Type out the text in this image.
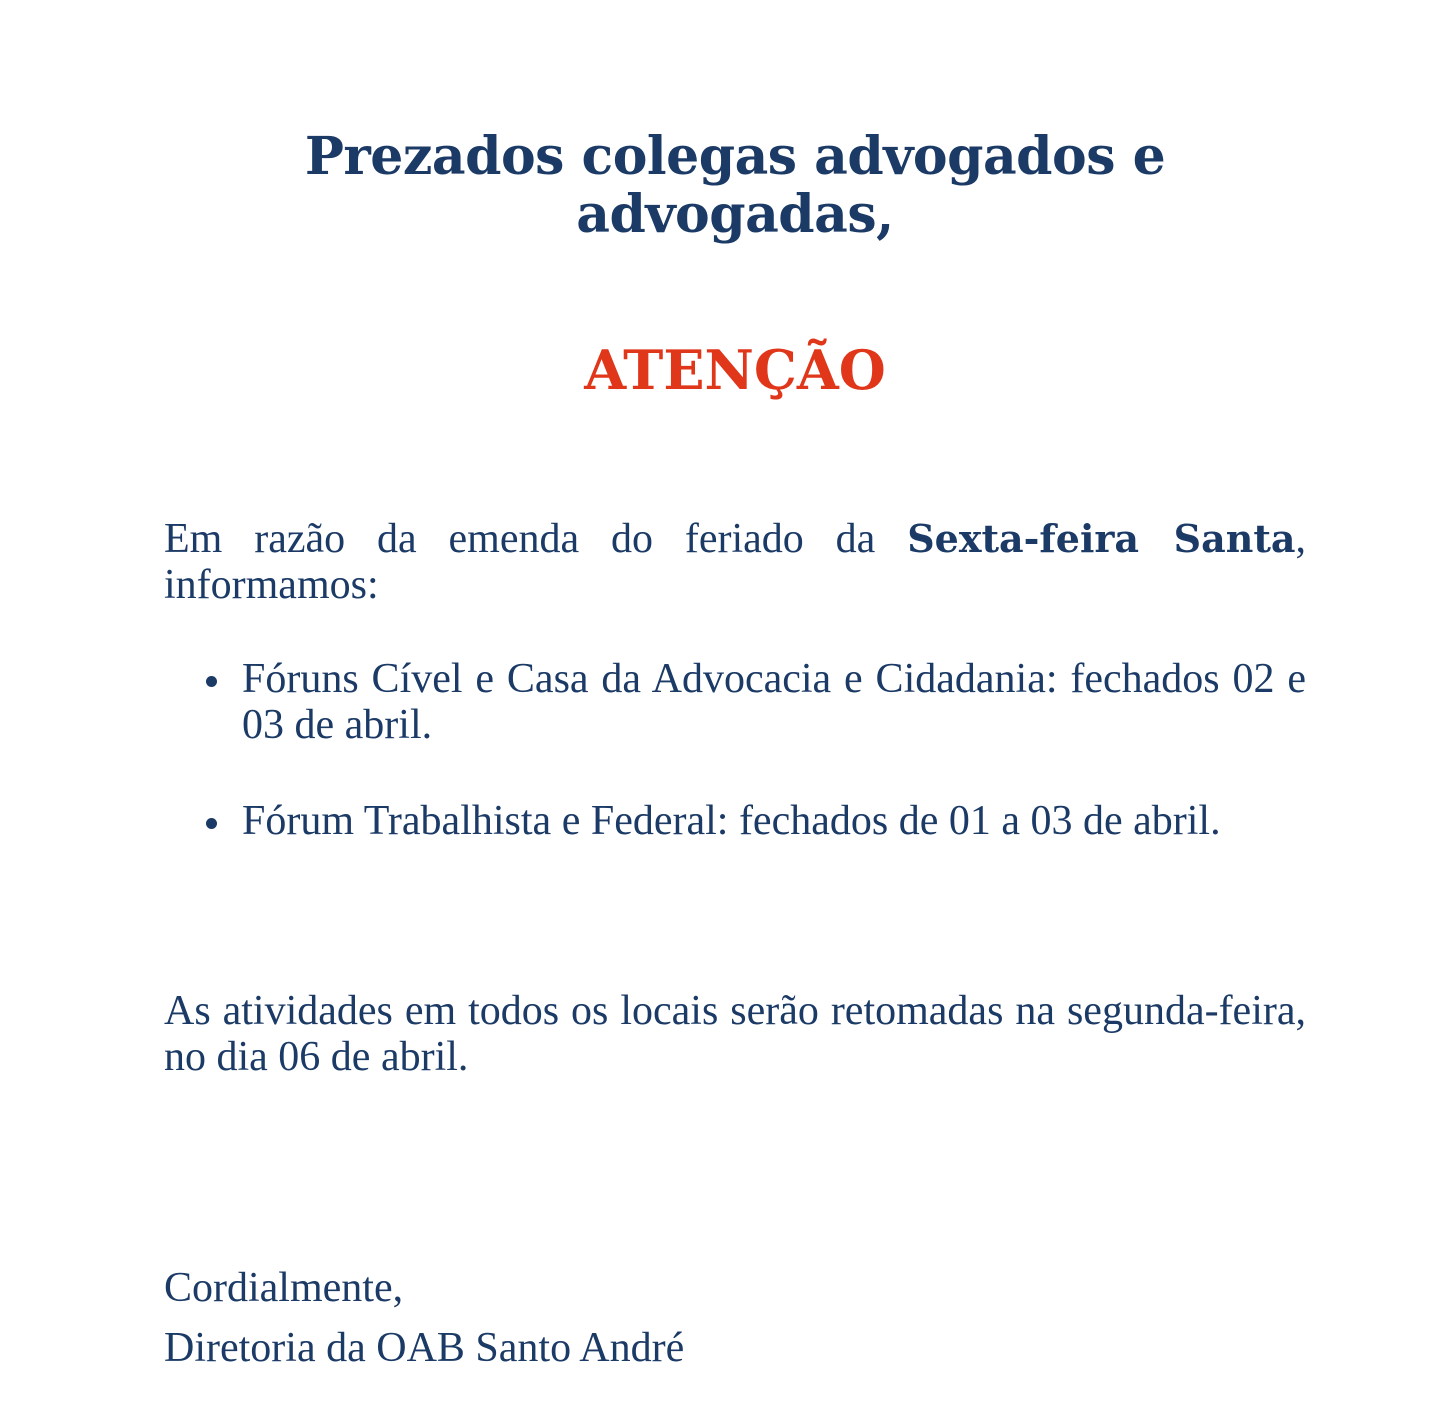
Prezados colegas advogados e advogadas,
ATENÇÃO

Em razão da emenda do feriado da Sexta-feira Santa, informamos:

Fóruns Cível e Casa da Advocacia e Cidadania: fechados 02 e 03 de abril.
Fórum Trabalhista e Federal: fechados de 01 a 03 de abril.

As atividades em todos os locais serão retomadas na segunda-feira, no dia 06 de abril.

Cordialmente,
Diretoria da OAB Santo André
